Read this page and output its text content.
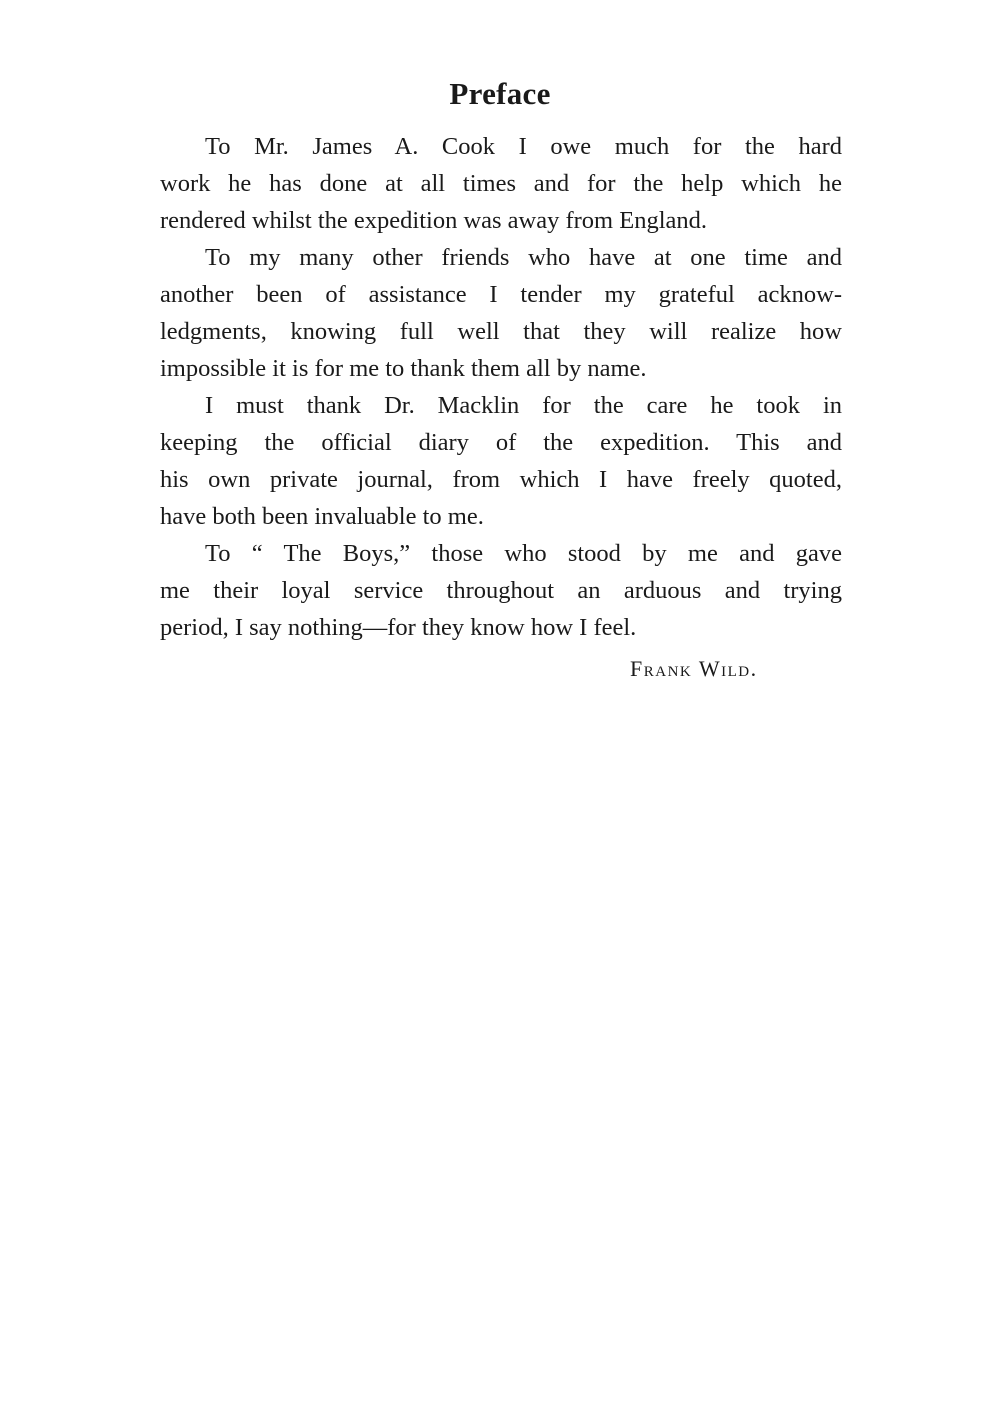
Preface
To Mr. James A. Cook I owe much for the hard
work he has done at all times and for the help which he
rendered whilst the expedition was away from England.
To my many other friends who have at one time and
another been of assistance I tender my grateful acknow-
ledgments, knowing full well that they will realize how
impossible it is for me to thank them all by name.
I must thank Dr. Macklin for the care he took in
keeping the official diary of the expedition. This and
his own private journal, from which I have freely quoted,
have both been invaluable to me.
To “ The Boys,” those who stood by me and gave
me their loyal service throughout an arduous and trying
period, I say nothing—for they know how I feel.
Frank Wild.
